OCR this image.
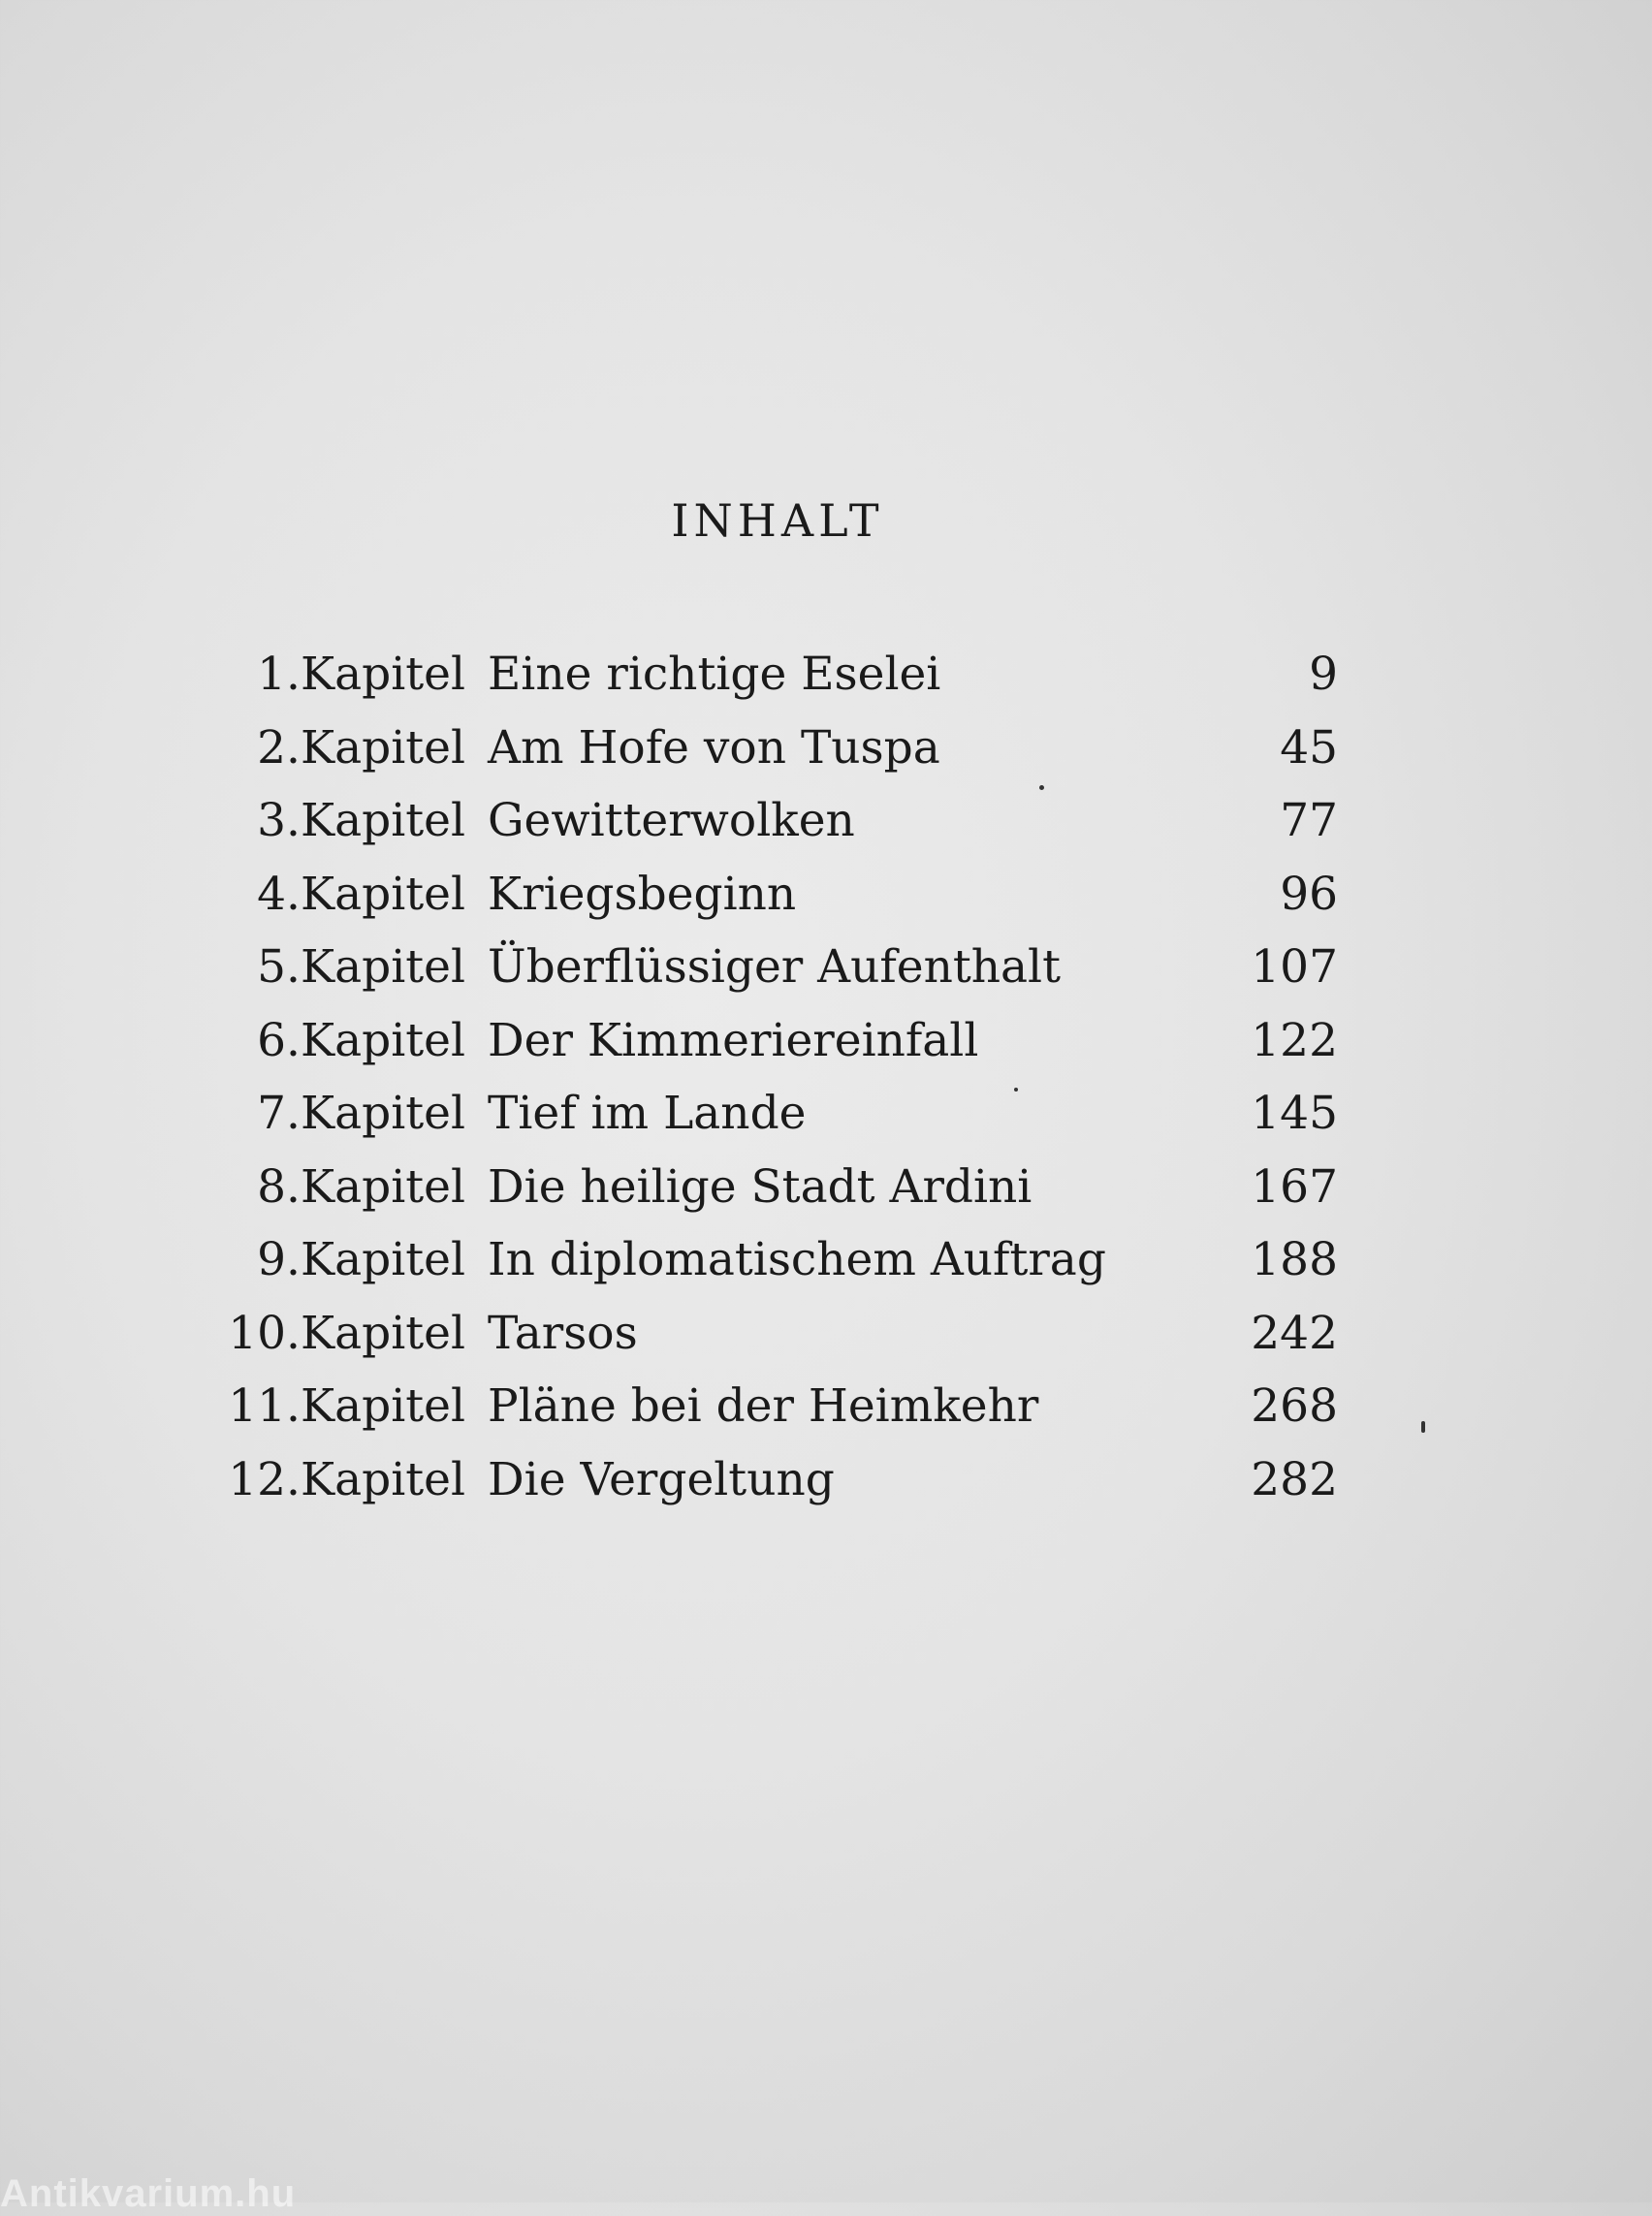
INHALT
1. Kapitel Eine richtige Eselei	9
2. Kapitel Am Hofe von Tuspa	45
3. Kapitel Gewitterwolken	77
4. Kapitel Kriegsbeginn	96
5. Kapitel Überflüssiger Aufenthalt	107
6. Kapitel Der Kimmeriereinfall	122
7. Kapitel Tief im Lande	145
8. Kapitel Die heilige Stadt Ardini	167
9. Kapitel In diplomatischem Auftrag	188
10. Kapitel Tarsos	242
11. Kapitel Pläne bei der Heimkehr	268
12. Kapitel Die Vergeltung	282
Antikvarium.hu
